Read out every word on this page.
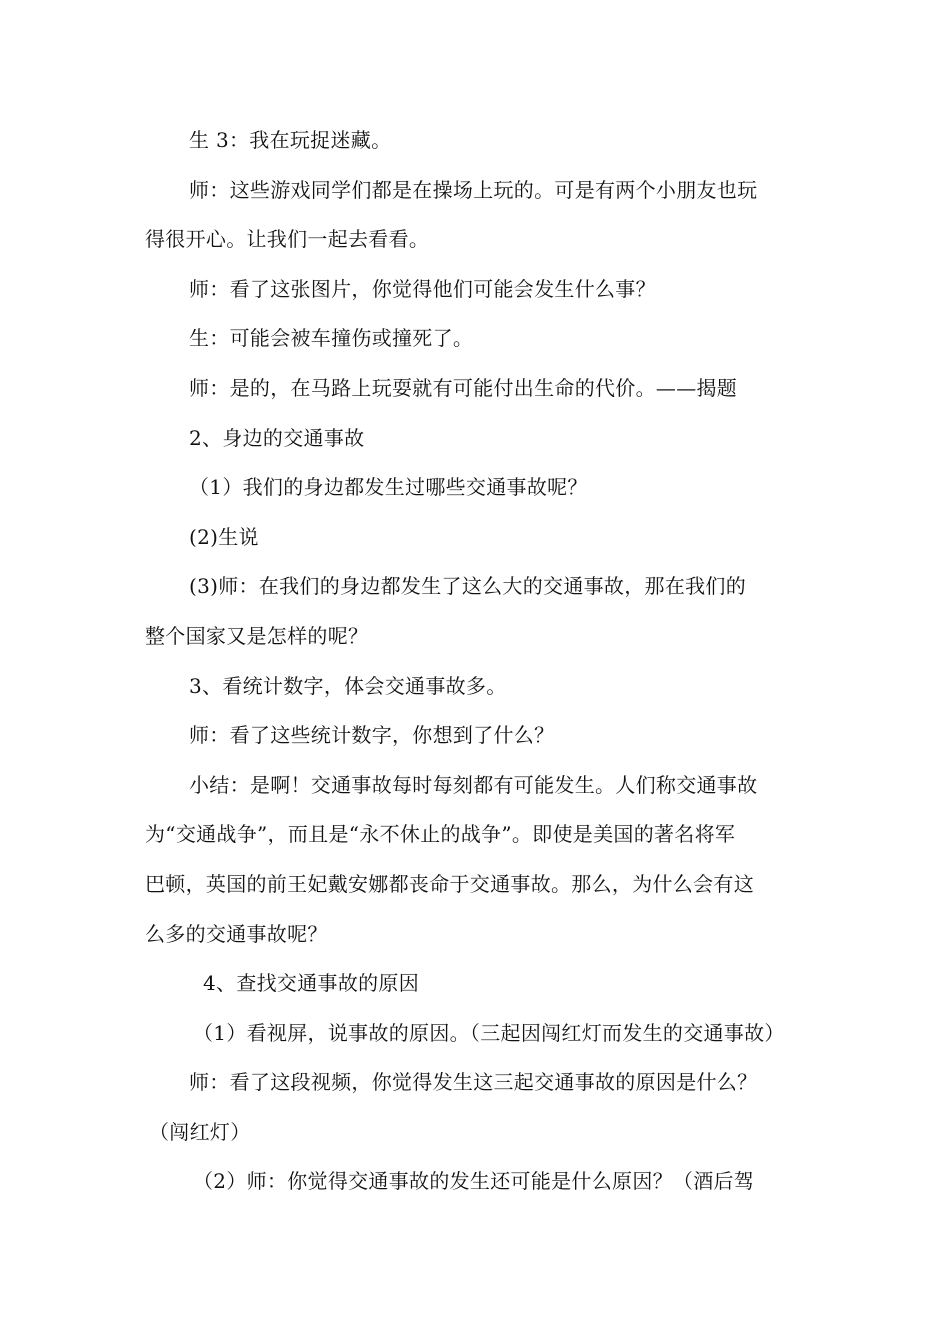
生 3：我在玩捉迷藏。
师：这些游戏同学们都是在操场上玩的。可是有两个小朋友也玩
得很开心。让我们一起去看看。
师：看了这张图片，你觉得他们可能会发生什么事？
生：可能会被车撞伤或撞死了。
师：是的，在马路上玩耍就有可能付出生命的代价。——揭题
2、身边的交通事故
（1）我们的身边都发生过哪些交通事故呢？
(2)生说
(3)师：在我们的身边都发生了这么大的交通事故，那在我们的
整个国家又是怎样的呢？
3、看统计数字，体会交通事故多。
师：看了这些统计数字，你想到了什么？
小结：是啊！交通事故每时每刻都有可能发生。人们称交通事故
为“交通战争”，而且是“永不休止的战争”。即使是美国的著名将军
巴顿，英国的前王妃戴安娜都丧命于交通事故。那么，为什么会有这
么多的交通事故呢？
4、查找交通事故的原因
（1）看视屏，说事故的原因。（三起因闯红灯而发生的交通事故）
师：看了这段视频，你觉得发生这三起交通事故的原因是什么？
（闯红灯）
（2）师：你觉得交通事故的发生还可能是什么原因？（酒后驾
